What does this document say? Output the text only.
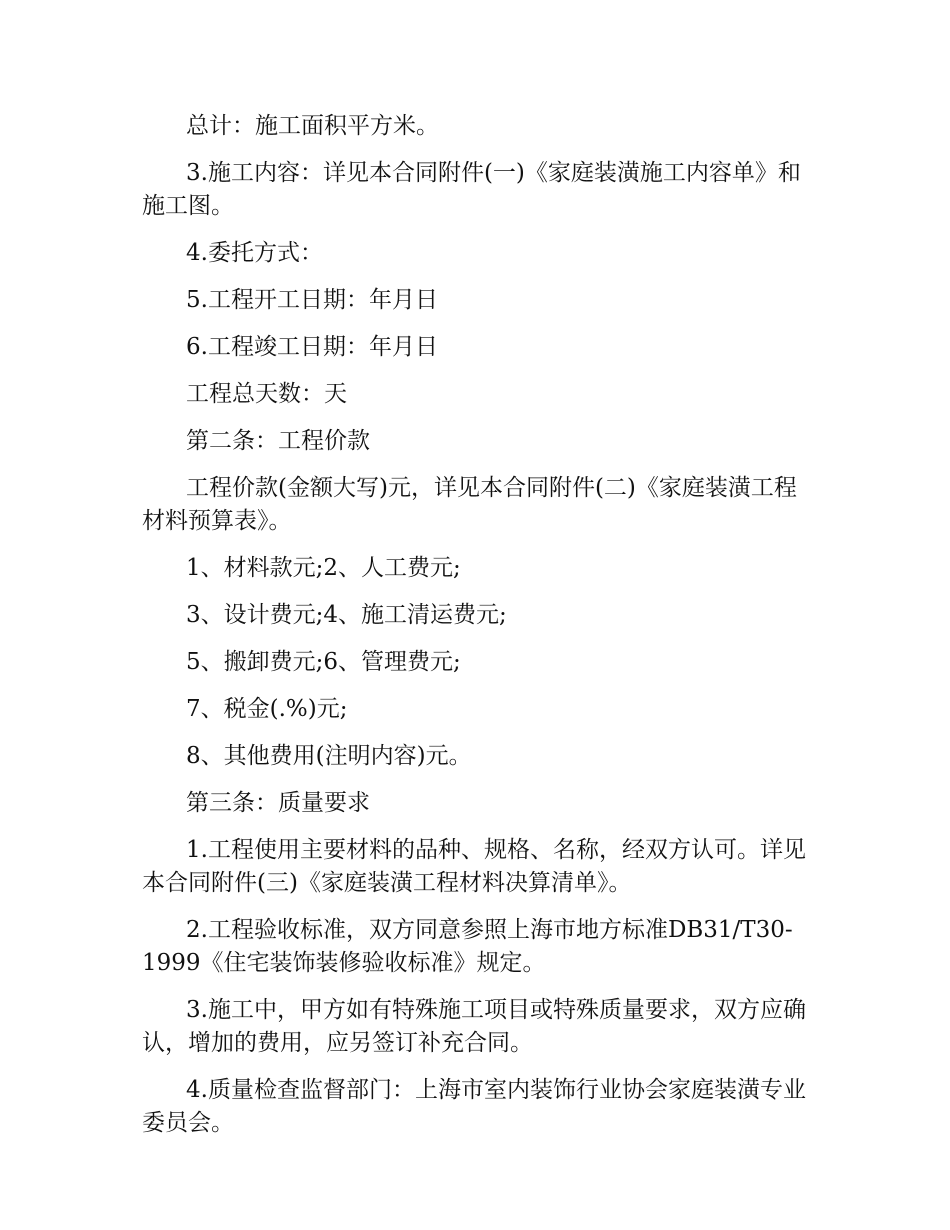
总计：施工面积平方米。

3.施工内容：详见本合同附件(一)《家庭装潢施工内容单》和施工图。

4.委托方式：

5.工程开工日期：年月日

6.工程竣工日期：年月日

工程总天数：天

第二条：工程价款

工程价款(金额大写)元，详见本合同附件(二)《家庭装潢工程材料预算表》。

1、材料款元;2、人工费元;

3、设计费元;4、施工清运费元;

5、搬卸费元;6、管理费元;

7、税金(.%)元;

8、其他费用(注明内容)元。

第三条：质量要求

1.工程使用主要材料的品种、规格、名称，经双方认可。详见本合同附件(三)《家庭装潢工程材料决算清单》。

2.工程验收标准，双方同意参照上海市地方标准DB31/T30-1999《住宅装饰装修验收标准》规定。

3.施工中，甲方如有特殊施工项目或特殊质量要求，双方应确认，增加的费用，应另签订补充合同。

4.质量检查监督部门：上海市室内装饰行业协会家庭装潢专业委员会。
